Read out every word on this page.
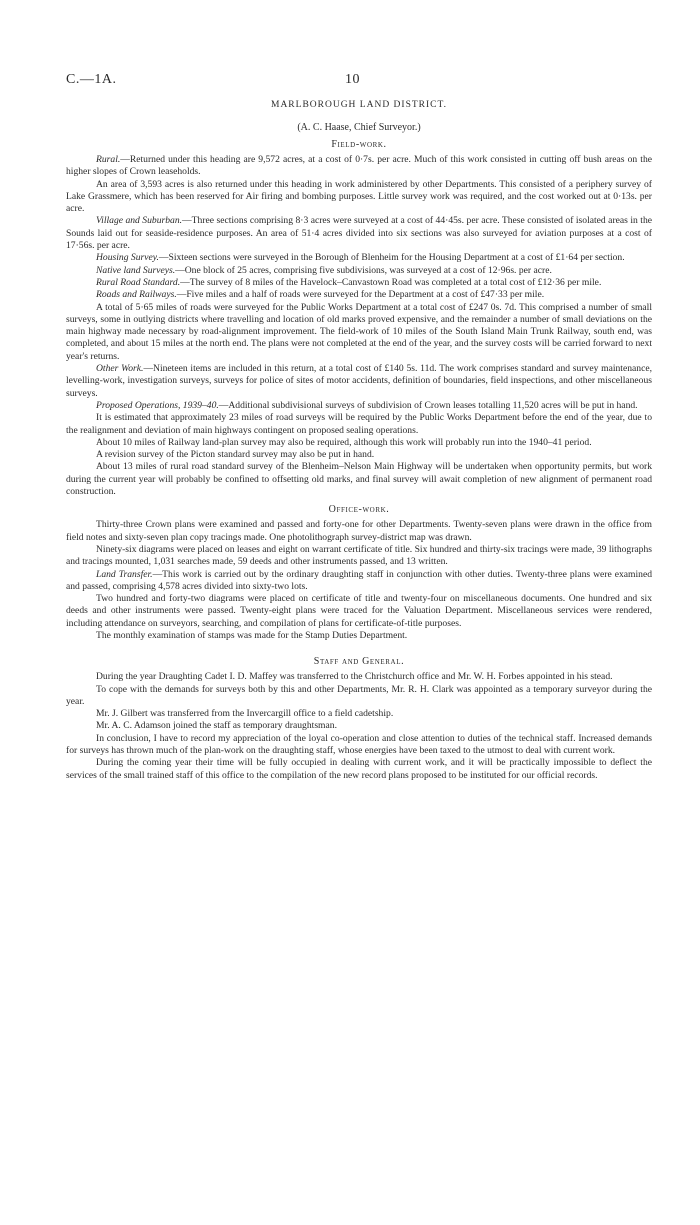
C.—1A.	10
MARLBOROUGH LAND DISTRICT.
(A. C. Haase, Chief Surveyor.)
Field-work.

Rural.—Returned under this heading are 9,572 acres, at a cost of 0·7s. per acre. Much of this work consisted in cutting off bush areas on the higher slopes of Crown leaseholds.

An area of 3,593 acres is also returned under this heading in work administered by other Departments. This consisted of a periphery survey of Lake Grassmere, which has been reserved for Air firing and bombing purposes. Little survey work was required, and the cost worked out at 0·13s. per acre.

Village and Suburban.—Three sections comprising 8·3 acres were surveyed at a cost of 44·45s. per acre. These consisted of isolated areas in the Sounds laid out for seaside-residence purposes. An area of 51·4 acres divided into six sections was also surveyed for aviation purposes at a cost of 17·56s. per acre.

Housing Survey.—Sixteen sections were surveyed in the Borough of Blenheim for the Housing Department at a cost of £1·64 per section.

Native land Surveys.—One block of 25 acres, comprising five subdivisions, was surveyed at a cost of 12·96s. per acre.

Rural Road Standard.—The survey of 8 miles of the Havelock–Canvastown Road was completed at a total cost of £12·36 per mile.

Roads and Railways.—Five miles and a half of roads were surveyed for the Department at a cost of £47·33 per mile.

A total of 5·65 miles of roads were surveyed for the Public Works Department at a total cost of £247 0s. 7d. This comprised a number of small surveys, some in outlying districts where travelling and location of old marks proved expensive, and the remainder a number of small deviations on the main highway made necessary by road-alignment improvement. The field-work of 10 miles of the South Island Main Trunk Railway, south end, was completed, and about 15 miles at the north end. The plans were not completed at the end of the year, and the survey costs will be carried forward to next year's returns.

Other Work.—Nineteen items are included in this return, at a total cost of £140 5s. 11d. The work comprises standard and survey maintenance, levelling-work, investigation surveys, surveys for police of sites of motor accidents, definition of boundaries, field inspections, and other miscellaneous surveys.

Proposed Operations, 1939–40.—Additional subdivisional surveys of subdivision of Crown leases totalling 11,520 acres will be put in hand.

It is estimated that approximately 23 miles of road surveys will be required by the Public Works Department before the end of the year, due to the realignment and deviation of main highways contingent on proposed sealing operations.

About 10 miles of Railway land-plan survey may also be required, although this work will probably run into the 1940–41 period.

A revision survey of the Picton standard survey may also be put in hand.

About 13 miles of rural road standard survey of the Blenheim–Nelson Main Highway will be undertaken when opportunity permits, but work during the current year will probably be confined to offsetting old marks, and final survey will await completion of new alignment of permanent road construction.

Office-work.

Thirty-three Crown plans were examined and passed and forty-one for other Departments. Twenty-seven plans were drawn in the office from field notes and sixty-seven plan copy tracings made. One photolithograph survey-district map was drawn.

Ninety-six diagrams were placed on leases and eight on warrant certificate of title. Six hundred and thirty-six tracings were made, 39 lithographs and tracings mounted, 1,031 searches made, 59 deeds and other instruments passed, and 13 written.

Land Transfer.—This work is carried out by the ordinary draughting staff in conjunction with other duties. Twenty-three plans were examined and passed, comprising 4,578 acres divided into sixty-two lots.

Two hundred and forty-two diagrams were placed on certificate of title and twenty-four on miscellaneous documents. One hundred and six deeds and other instruments were passed. Twenty-eight plans were traced for the Valuation Department. Miscellaneous services were rendered, including attendance on surveyors, searching, and compilation of plans for certificate-of-title purposes.

The monthly examination of stamps was made for the Stamp Duties Department.

Staff and General.

During the year Draughting Cadet I. D. Maffey was transferred to the Christchurch office and Mr. W. H. Forbes appointed in his stead.

To cope with the demands for surveys both by this and other Departments, Mr. R. H. Clark was appointed as a temporary surveyor during the year.

Mr. J. Gilbert was transferred from the Invercargill office to a field cadetship.

Mr. A. C. Adamson joined the staff as temporary draughtsman.

In conclusion, I have to record my appreciation of the loyal co-operation and close attention to duties of the technical staff. Increased demands for surveys has thrown much of the plan-work on the draughting staff, whose energies have been taxed to the utmost to deal with current work.

During the coming year their time will be fully occupied in dealing with current work, and it will be practically impossible to deflect the services of the small trained staff of this office to the compilation of the new record plans proposed to be instituted for our official records.
